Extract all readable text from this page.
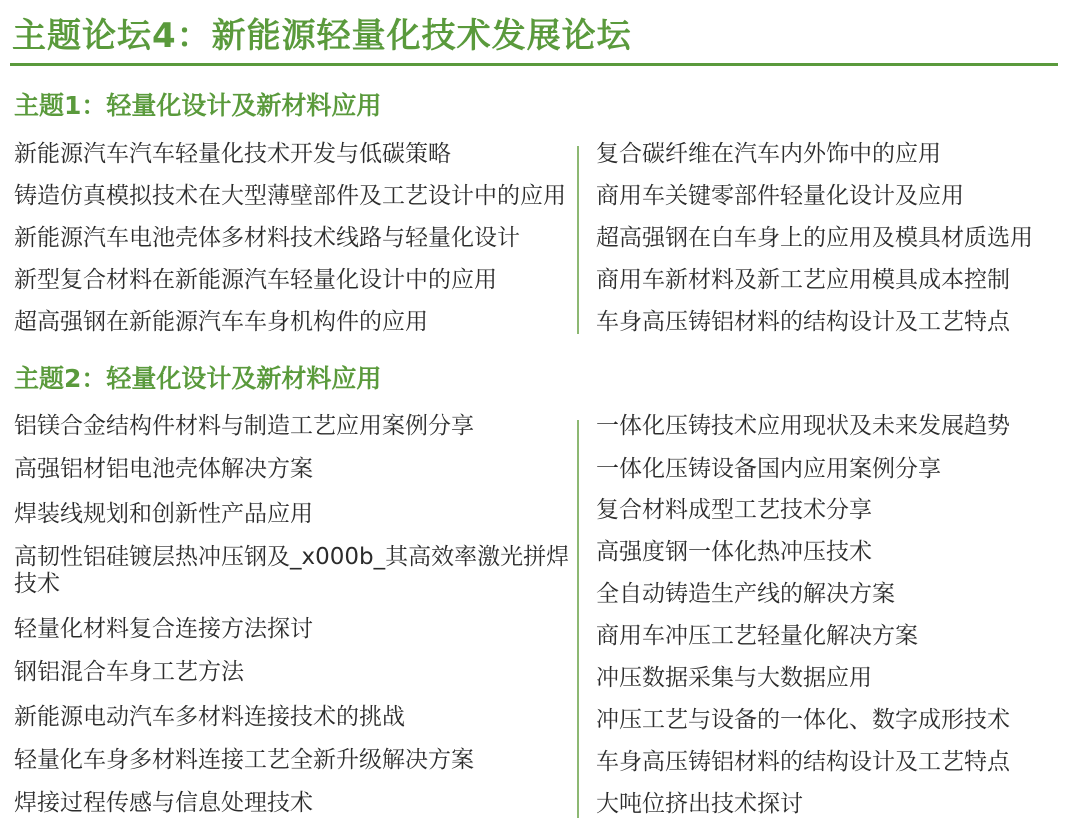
主题论坛4：新能源轻量化技术发展论坛
主题1：轻量化设计及新材料应用
新能源汽车汽车轻量化技术开发与低碳策略
铸造仿真模拟技术在大型薄壁部件及工艺设计中的应用
新能源汽车电池壳体多材料技术线路与轻量化设计
新型复合材料在新能源汽车轻量化设计中的应用
超高强钢在新能源汽车车身机构件的应用
复合碳纤维在汽车内外饰中的应用
商用车关键零部件轻量化设计及应用
超高强钢在白车身上的应用及模具材质选用
商用车新材料及新工艺应用模具成本控制
车身高压铸铝材料的结构设计及工艺特点
主题2：轻量化设计及新材料应用
铝镁合金结构件材料与制造工艺应用案例分享
高强铝材铝电池壳体解决方案
焊装线规划和创新性产品应用
高韧性铝硅镀层热冲压钢及_x000b_其高效率激光拼焊技术
轻量化材料复合连接方法探讨
钢铝混合车身工艺方法
新能源电动汽车多材料连接技术的挑战
轻量化车身多材料连接工艺全新升级解决方案
焊接过程传感与信息处理技术
一体化压铸技术应用现状及未来发展趋势
一体化压铸设备国内应用案例分享
复合材料成型工艺技术分享
高强度钢一体化热冲压技术
全自动铸造生产线的解决方案
商用车冲压工艺轻量化解决方案
冲压数据采集与大数据应用
冲压工艺与设备的一体化、数字成形技术
车身高压铸铝材料的结构设计及工艺特点
大吨位挤出技术探讨
